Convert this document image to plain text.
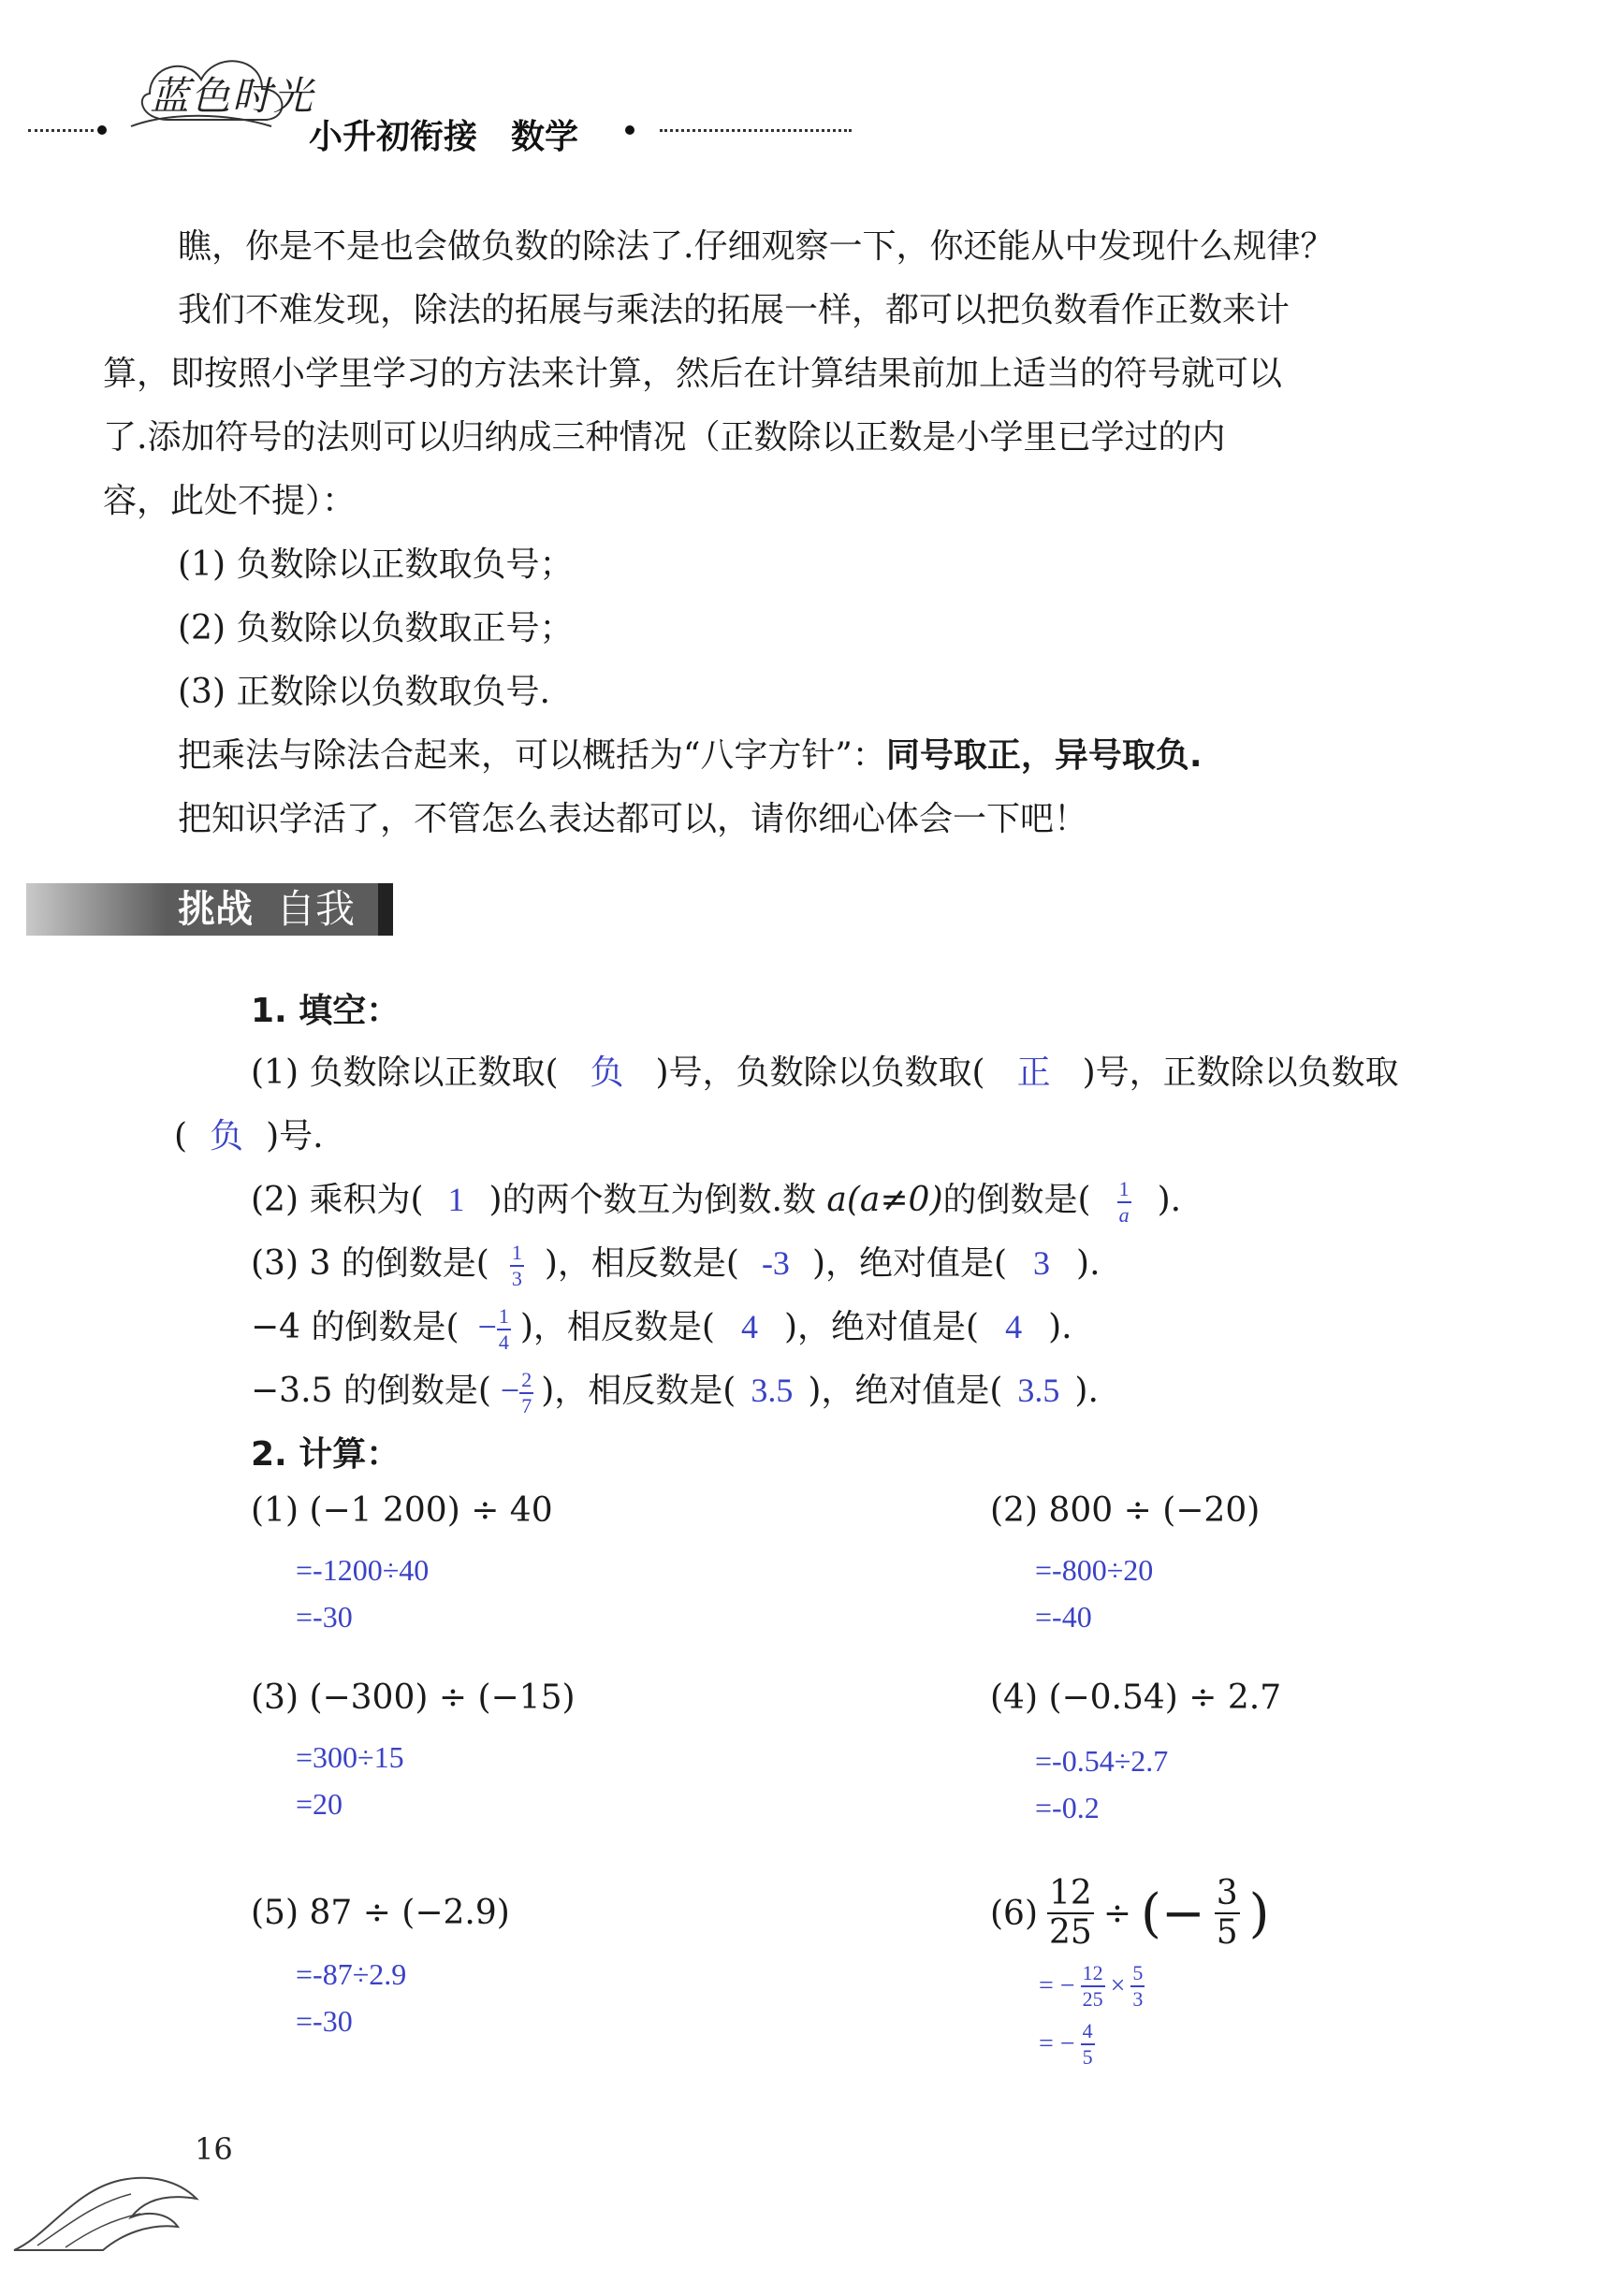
蓝色时光
小升初衔接　数学
瞧，你是不是也会做负数的除法了.仔细观察一下，你还能从中发现什么规律？
我们不难发现，除法的拓展与乘法的拓展一样，都可以把负数看作正数来计
算，即按照小学里学习的方法来计算，然后在计算结果前加上适当的符号就可以
了.添加符号的法则可以归纳成三种情况（正数除以正数是小学里已学过的内
容，此处不提）：
(1) 负数除以正数取负号；
(2) 负数除以负数取正号；
(3) 正数除以负数取负号.
把乘法与除法合起来，可以概括为“八字方针”：同号取正，异号取负.
把知识学活了，不管怎么表达都可以，请你细心体会一下吧！
挑战 自我
1. 填空：
(1) 负数除以正数取( 负 )号，负数除以负数取( 正 )号，正数除以负数取
( 负 )号.
(2) 乘积为( 1 )的两个数互为倒数.数 a(a≠0)的倒数是( $\frac{1}{a}$ ).
(3) 3 的倒数是( $\frac{1}{3}$ )，相反数是( -3 )，绝对值是( 3 ).
−4 的倒数是( − $\frac{1}{4}$ )，相反数是( 4 )，绝对值是( 4 ).
−3.5 的倒数是( − $\frac{2}{7}$ )，相反数是( 3.5 )，绝对值是( 3.5 ).
2. 计算：
(1) (−1 200) ÷ 40
=-1200÷40
=-30
(2) 800 ÷ (−20)
=-800÷20
=-40
(3) (−300) ÷ (−15)
=300÷15
=20
(4) (−0.54) ÷ 2.7
=-0.54÷2.7
=-0.2
(5) 87 ÷ (−2.9)
=-87÷2.9
=-30
$(6) \frac{12}{25}$ ÷ (− $\frac{3}{5}$ )
= − $\frac{12}{25} \times \frac{5}{3}$
= − $\frac{4}{5}$
16
